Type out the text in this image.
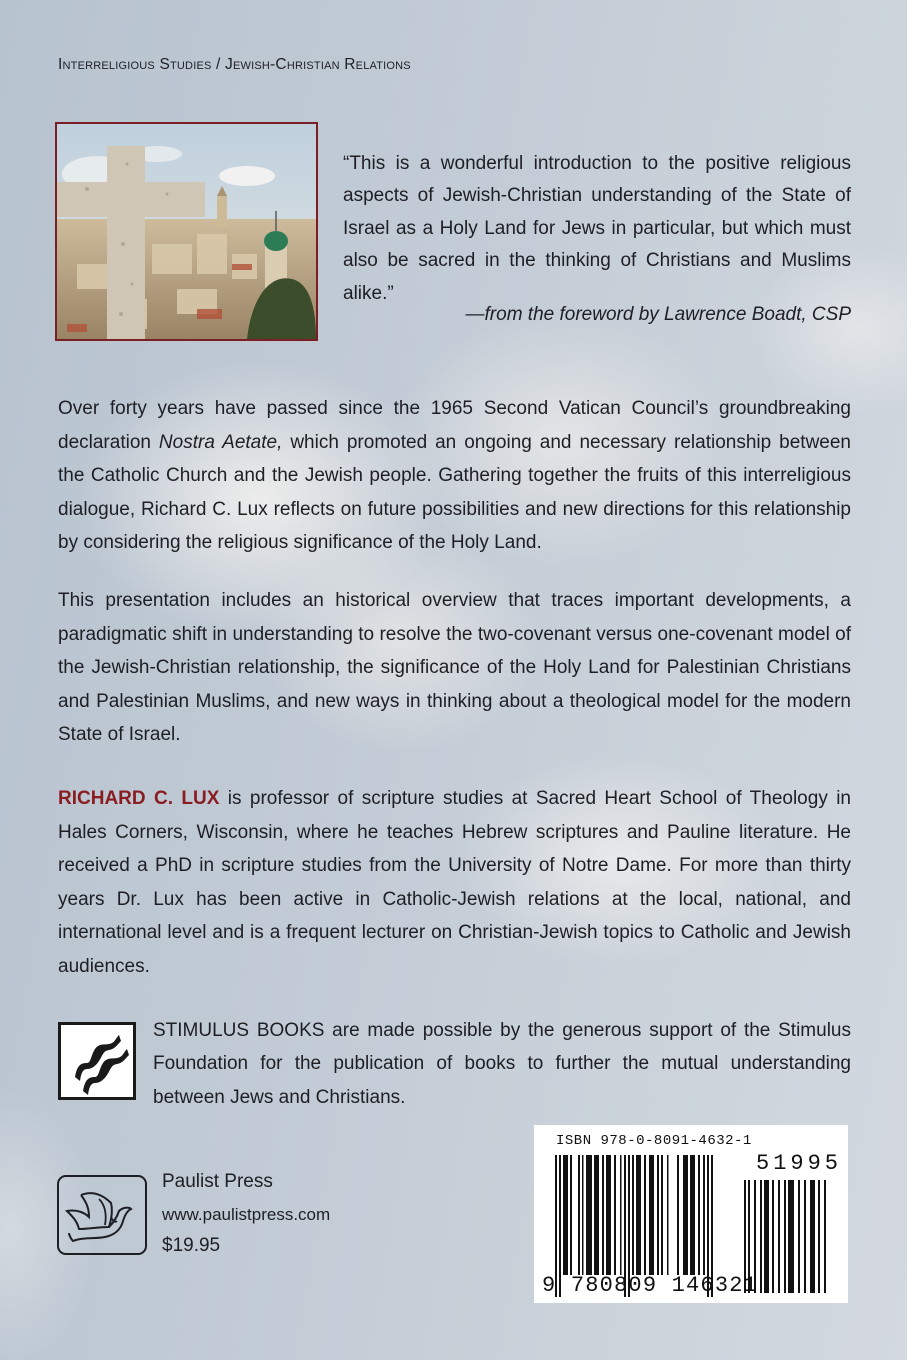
Interreligious Studies / Jewish-Christian Relations
“This is a wonderful introduction to the positive religious aspects of Jewish-Christian understanding of the State of Israel as a Holy Land for Jews in particular, but which must also be sacred in the thinking of Christians and Muslims alike.”
—from the foreword by Lawrence Boadt, CSP
Over forty years have passed since the 1965 Second Vatican Council’s groundbreaking declaration Nostra Aetate, which promoted an ongoing and necessary relationship between the Catholic Church and the Jewish people. Gathering together the fruits of this interreligious dialogue, Richard C. Lux reflects on future possibilities and new directions for this relationship by considering the religious significance of the Holy Land.
This presentation includes an historical overview that traces important developments, a paradigmatic shift in understanding to resolve the two-covenant versus one-covenant model of the Jewish-Christian relationship, the significance of the Holy Land for Palestinian Christians and Palestinian Muslims, and new ways in thinking about a theological model for the modern State of Israel.
RICHARD C. LUX is professor of scripture studies at Sacred Heart School of Theology in Hales Corners, Wisconsin, where he teaches Hebrew scriptures and Pauline literature. He received a PhD in scripture studies from the University of Notre Dame. For more than thirty years Dr. Lux has been active in Catholic-Jewish relations at the local, national, and international level and is a frequent lecturer on Christian-Jewish topics to Catholic and Jewish audiences.
STIMULUS BOOKS are made possible by the generous support of the Stimulus Foundation for the publication of books to further the mutual understanding between Jews and Christians.
Paulist Press
www.paulistpress.com
$19.95
ISBN 978-0-8091-4632-1
9 780809 146321
51995
